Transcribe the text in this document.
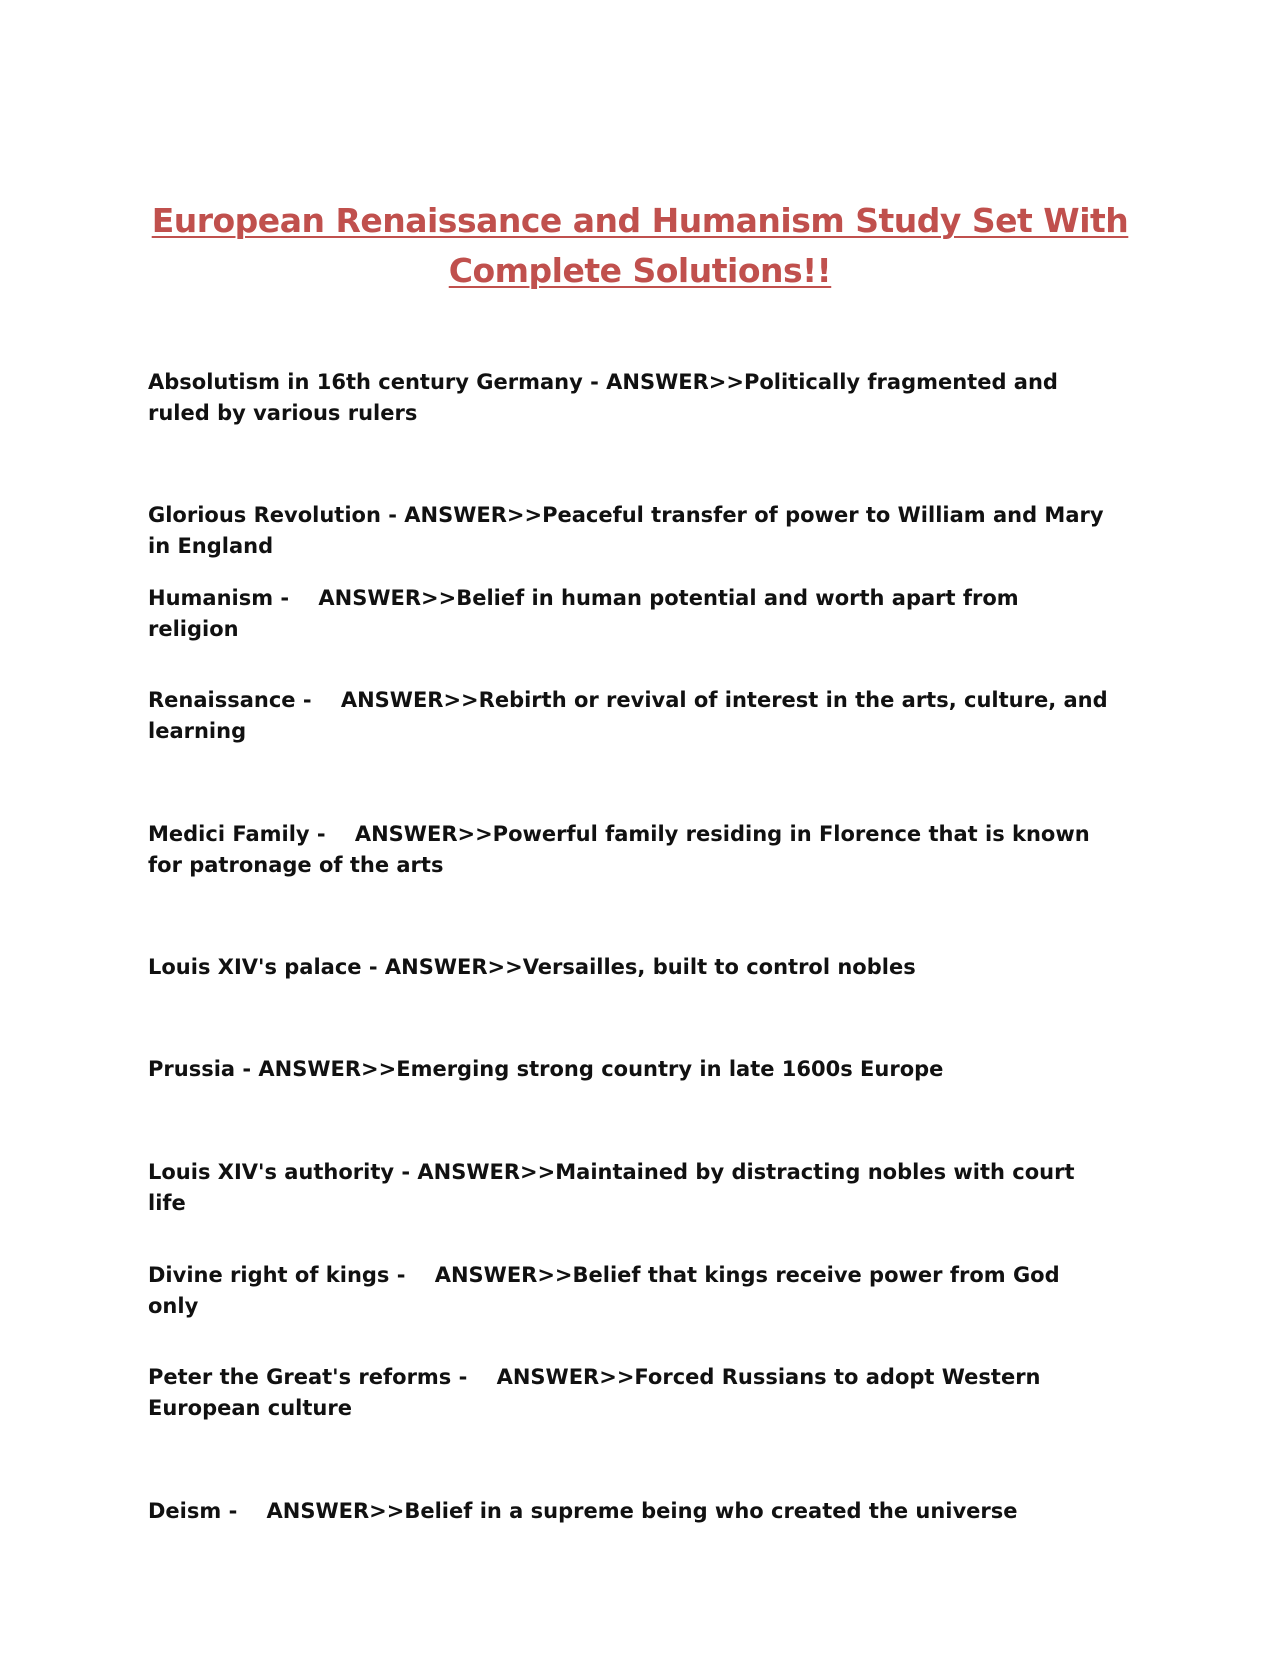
European Renaissance and Humanism Study Set With Complete Solutions!!

Absolutism in 16th century Germany - ANSWER>>Politically fragmented and ruled by various rulers

Glorious Revolution - ANSWER>>Peaceful transfer of power to William and Mary in England

Humanism -    ANSWER>>Belief in human potential and worth apart from religion

Renaissance -    ANSWER>>Rebirth or revival of interest in the arts, culture, and learning

Medici Family -    ANSWER>>Powerful family residing in Florence that is known for patronage of the arts

Louis XIV's palace - ANSWER>>Versailles, built to control nobles

Prussia - ANSWER>>Emerging strong country in late 1600s Europe

Louis XIV's authority - ANSWER>>Maintained by distracting nobles with court life

Divine right of kings -    ANSWER>>Belief that kings receive power from God only

Peter the Great's reforms -    ANSWER>>Forced Russians to adopt Western European culture

Deism -    ANSWER>>Belief in a supreme being who created the universe
